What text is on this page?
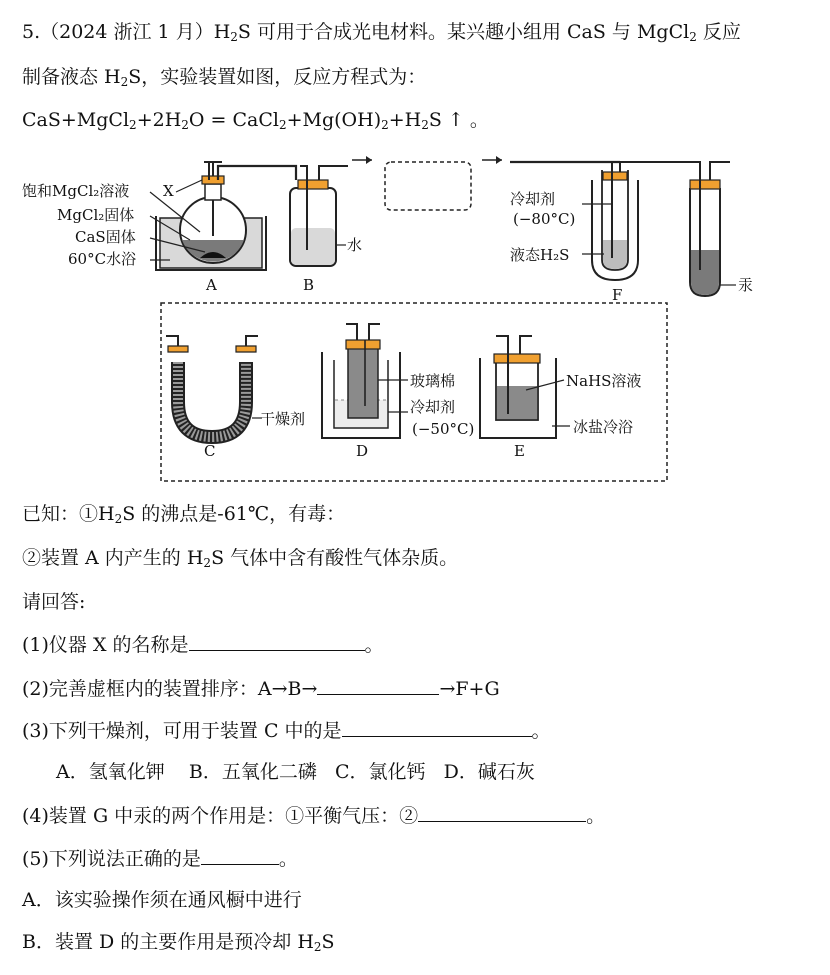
5.（2024 浙江 1 月）$H_2S$ 可用于合成光电材料。某兴趣小组用 CaS 与 MgCl$_2$ 反应
制备液态 $H_2S$，实验装置如图，反应方程式为：
$CaS+MgCl_2+2H_2O$ = $CaCl_2+Mg(OH)_2+H_2S$ ↑ 。
饱和MgCl₂溶液 X
MgCl₂固体
CaS固体
60°C水浴
A
水
B
冷却剂
(−80°C)
液态H₂S
F
汞
干燥剂
C
玻璃棉
冷却剂
(−50°C)
D
NaHS溶液
冰盐冷浴
E
已知：$①H_2S$ 的沸点是-61℃，有毒：
②装置 A 内产生的 $H_2S$ 气体中含有酸性气体杂质。
请回答:
(1)仪器 X 的名称是	。
(2)完善虚框内的装置排序：A→B→	→F+G
(3)下列干燥剂，可用于装置 C 中的是	。
A．氢氧化钾    B．五氧化二磷   C．氯化钙   D．碱石灰
(4)装置 G 中汞的两个作用是：①平衡气压：②	。
(5)下列说法正确的是	。
A．该实验操作须在通风橱中进行
B．装置 D 的主要作用是预冷却 $H_2S$
